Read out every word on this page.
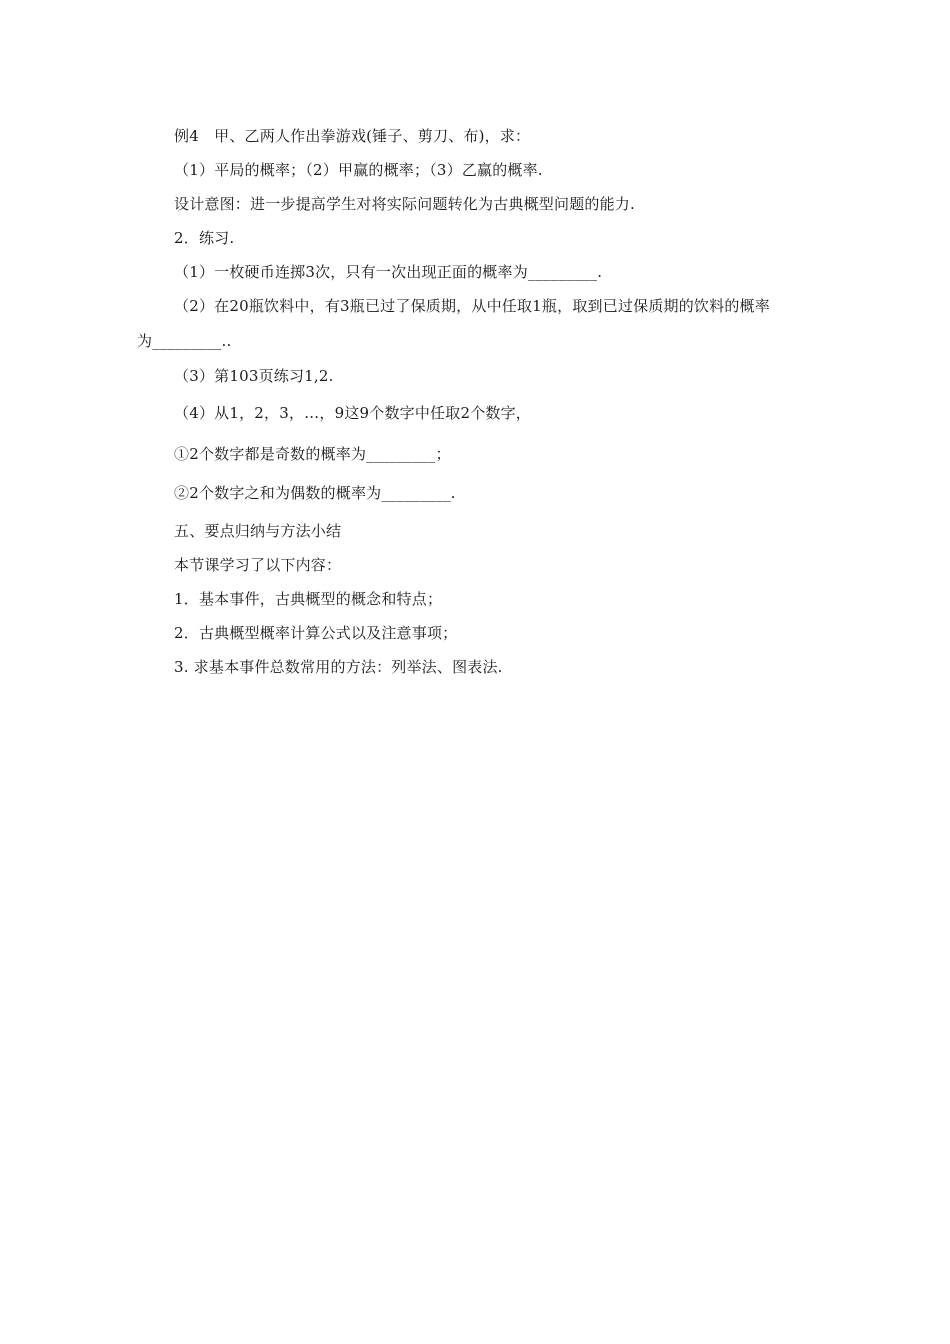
例4　甲、乙两人作出拳游戏(锤子、剪刀、布)，求：
（1）平局的概率；（2）甲赢的概率；（3）乙赢的概率.
设计意图：进一步提高学生对将实际问题转化为古典概型问题的能力.
2．练习.
（1）一枚硬币连掷3次，只有一次出现正面的概率为_________.
（2）在20瓶饮料中，有3瓶已过了保质期，从中任取1瓶，取到已过保质期的饮料的概率
为_________..
（3）第103页练习1,2.
（4）从1，2，3，…，9这9个数字中任取2个数字，
①2个数字都是奇数的概率为_________；
②2个数字之和为偶数的概率为_________.
五、要点归纳与方法小结
本节课学习了以下内容：
1．基本事件，古典概型的概念和特点；
2．古典概型概率计算公式以及注意事项；
3. 求基本事件总数常用的方法：列举法、图表法.
